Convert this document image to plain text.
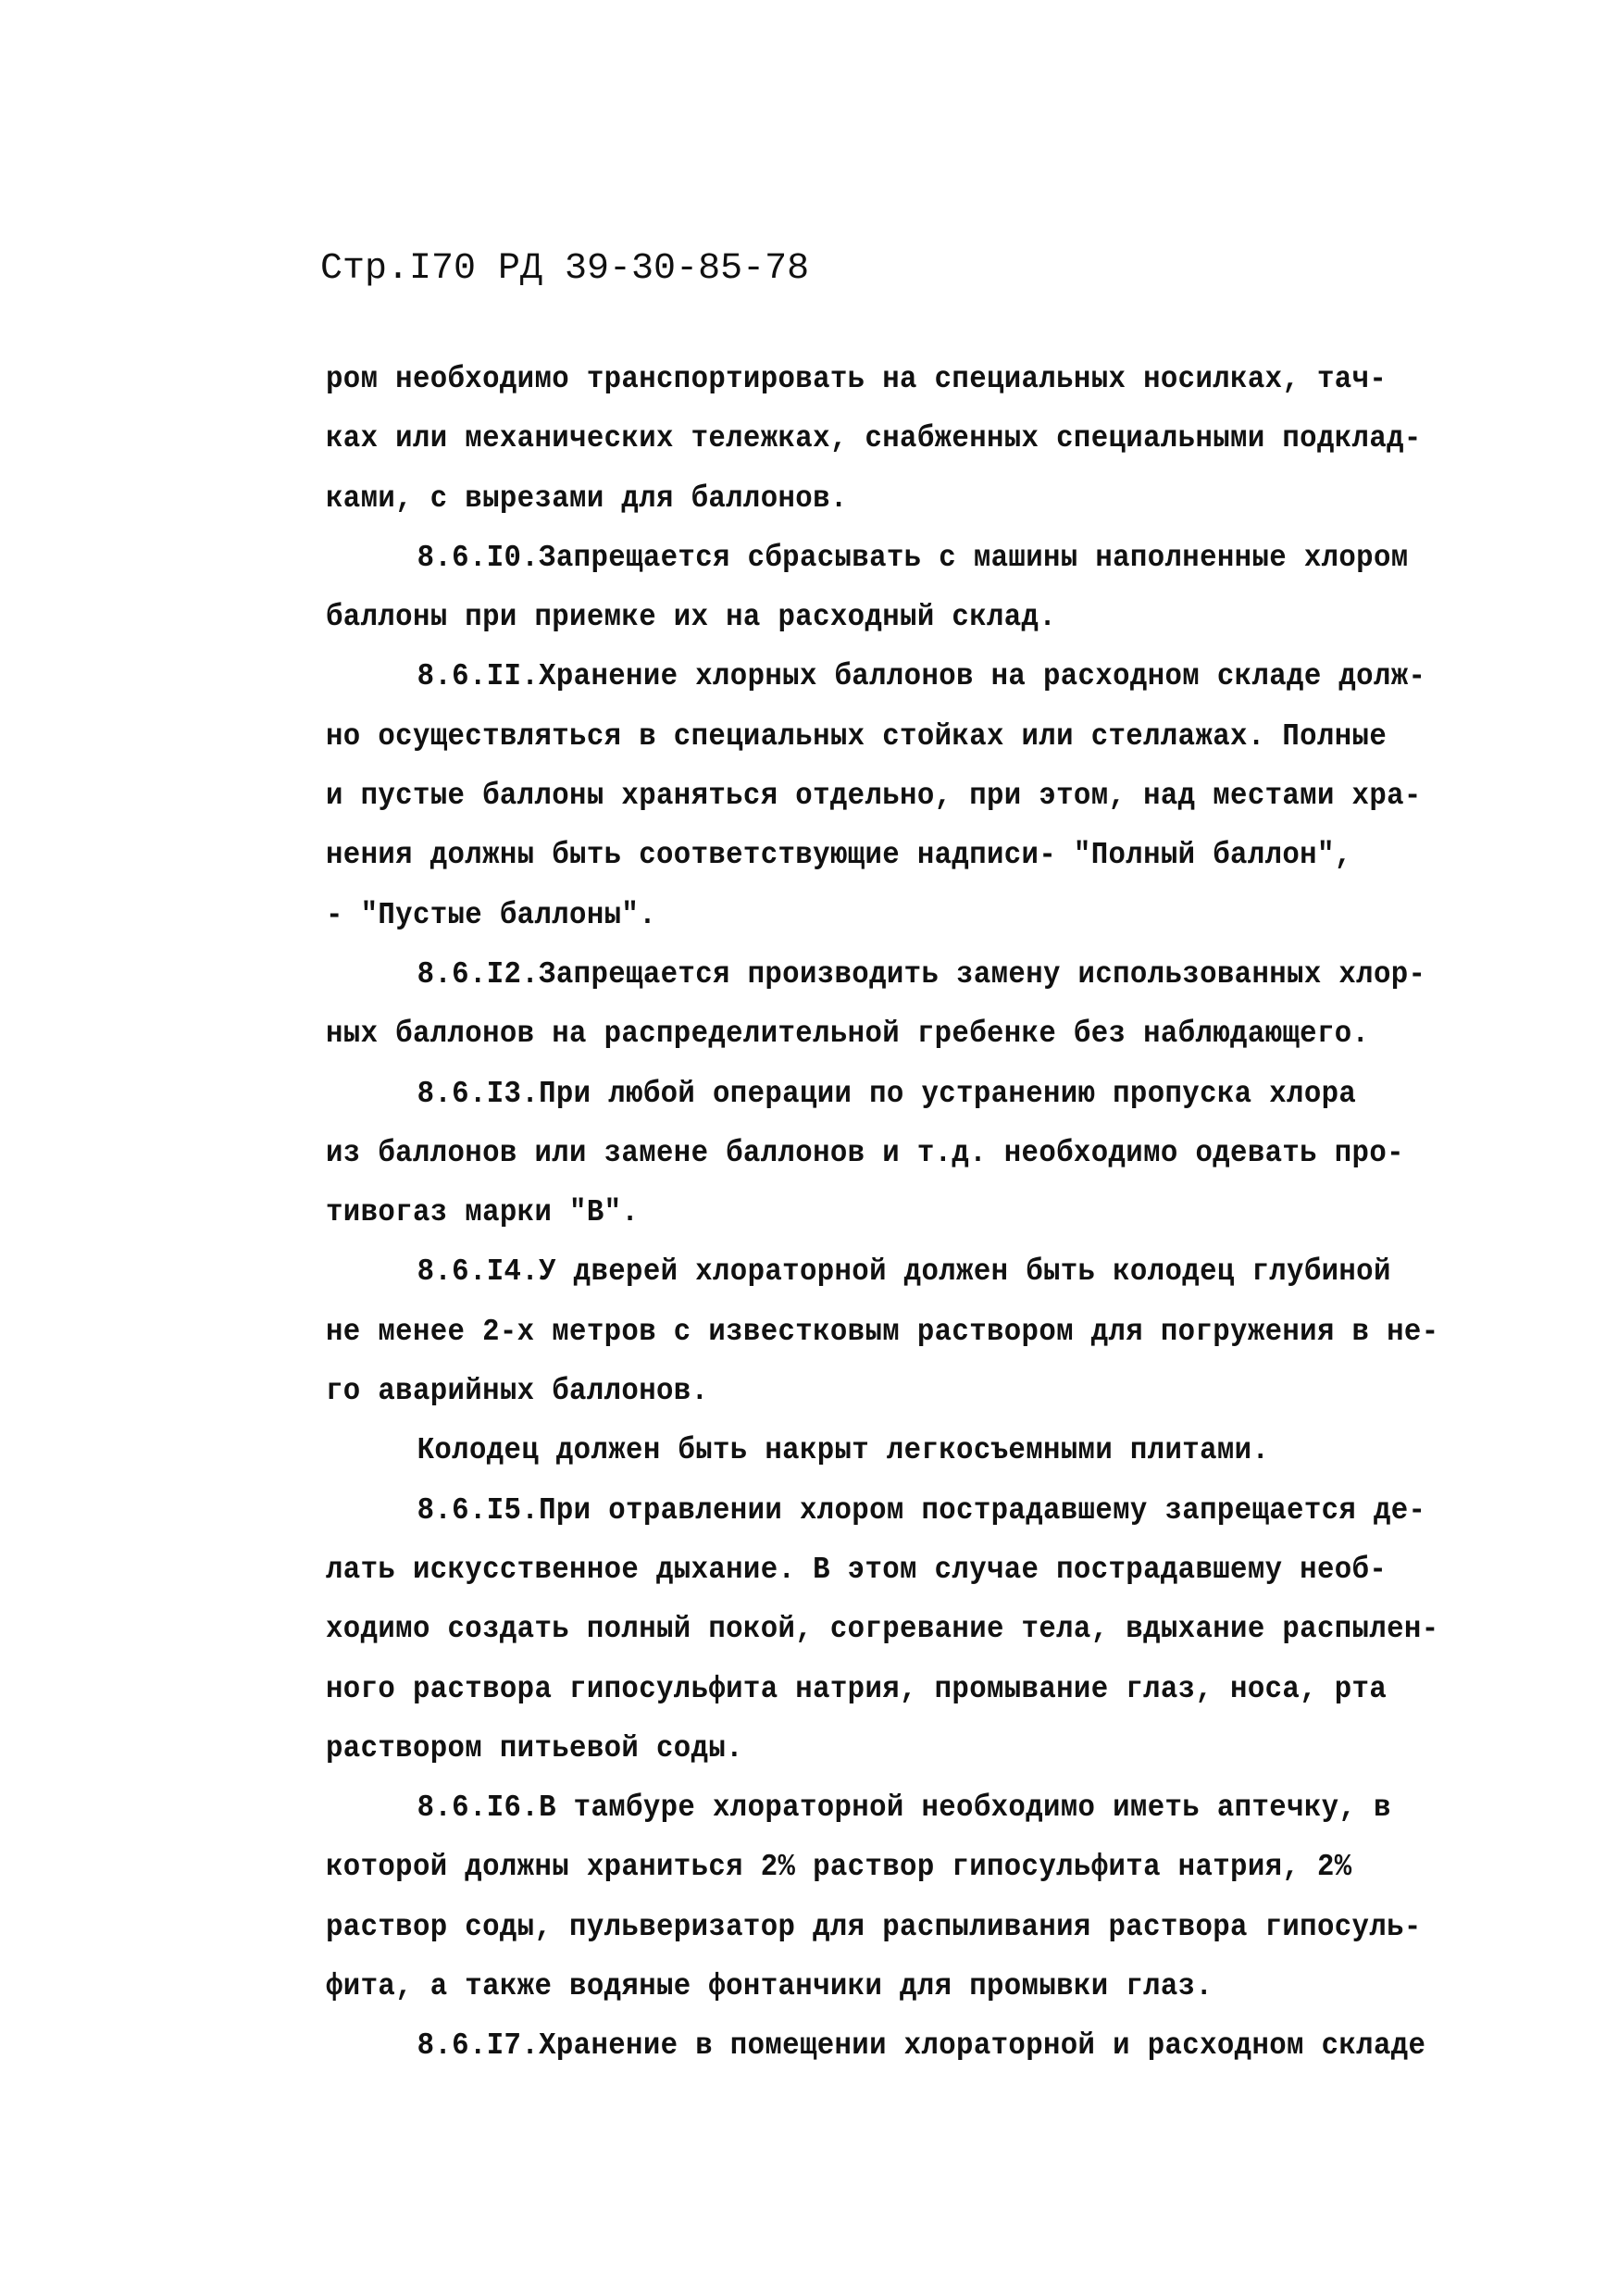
Стр.I70 РД 39-30-85-78
ром необходимо транспортировать на специальных носилках, тач-
ках или механических тележках, снабженных специальными подклад-
ками, с вырезами для баллонов.
8.6.I0.Запрещается сбрасывать с машины наполненные хлором
баллоны при приемке их на расходный склад.
8.6.II.Хранение хлорных баллонов на расходном складе долж-
но осуществляться в специальных стойках или стеллажах. Полные
и пустые баллоны храняться отдельно, при этом, над местами хра-
нения должны быть соответствующие надписи- "Полный баллон",
- "Пустые баллоны".
8.6.I2.Запрещается производить замену использованных хлор-
ных баллонов на распределительной гребенке без наблюдающего.
8.6.I3.При любой операции по устранению пропуска хлора
из баллонов или замене баллонов и т.д. необходимо одевать про-
тивогаз марки "В".
8.6.I4.У дверей хлораторной должен быть колодец глубиной
не менее 2-х метров с известковым раствором для погружения в не-
го аварийных баллонов.
Колодец должен быть накрыт легкосъемными плитами.
8.6.I5.При отравлении хлором пострадавшему запрещается де-
лать искусственное дыхание. В этом случае пострадавшему необ-
ходимо создать полный покой, согревание тела, вдыхание распылен-
ного раствора гипосульфита натрия, промывание глаз, носа, рта
раствором питьевой соды.
8.6.I6.В тамбуре хлораторной необходимо иметь аптечку, в
которой должны храниться 2% раствор гипосульфита натрия, 2%
раствор соды, пульверизатор для распыливания раствора гипосуль-
фита, а также водяные фонтанчики для промывки глаз.
8.6.I7.Хранение в помещении хлораторной и расходном складе
